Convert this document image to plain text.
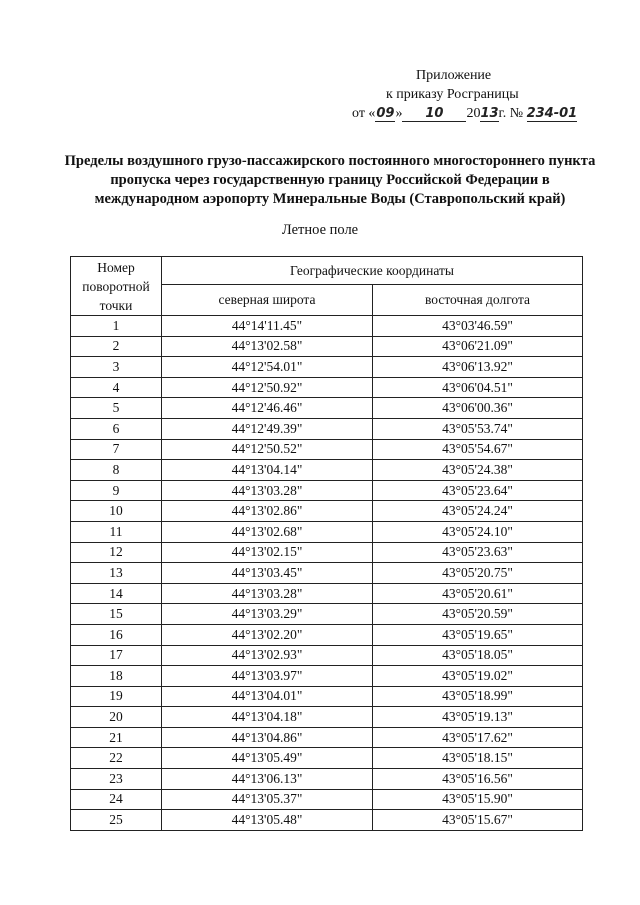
Приложение
к приказу Росграницы
от «09» 10 2013г. № 234-01
Пределы воздушного грузо-пассажирского постоянного многостороннего пункта пропуска через государственную границу Российской Федерации в международном аэропорту Минеральные Воды (Ставропольский край)
Летное поле
Номер поворотной точки	Географические координаты	
	северная широта	восточная долгота
1	44°14'11.45"	43°03'46.59"
2	44°13'02.58"	43°06'21.09"
3	44°12'54.01"	43°06'13.92"
4	44°12'50.92"	43°06'04.51"
5	44°12'46.46"	43°06'00.36"
6	44°12'49.39"	43°05'53.74"
7	44°12'50.52"	43°05'54.67"
8	44°13'04.14"	43°05'24.38"
9	44°13'03.28"	43°05'23.64"
10	44°13'02.86"	43°05'24.24"
11	44°13'02.68"	43°05'24.10"
12	44°13'02.15"	43°05'23.63"
13	44°13'03.45"	43°05'20.75"
14	44°13'03.28"	43°05'20.61"
15	44°13'03.29"	43°05'20.59"
16	44°13'02.20"	43°05'19.65"
17	44°13'02.93"	43°05'18.05"
18	44°13'03.97"	43°05'19.02"
19	44°13'04.01"	43°05'18.99"
20	44°13'04.18"	43°05'19.13"
21	44°13'04.86"	43°05'17.62"
22	44°13'05.49"	43°05'18.15"
23	44°13'06.13"	43°05'16.56"
24	44°13'05.37"	43°05'15.90"
25	44°13'05.48"	43°05'15.67"
